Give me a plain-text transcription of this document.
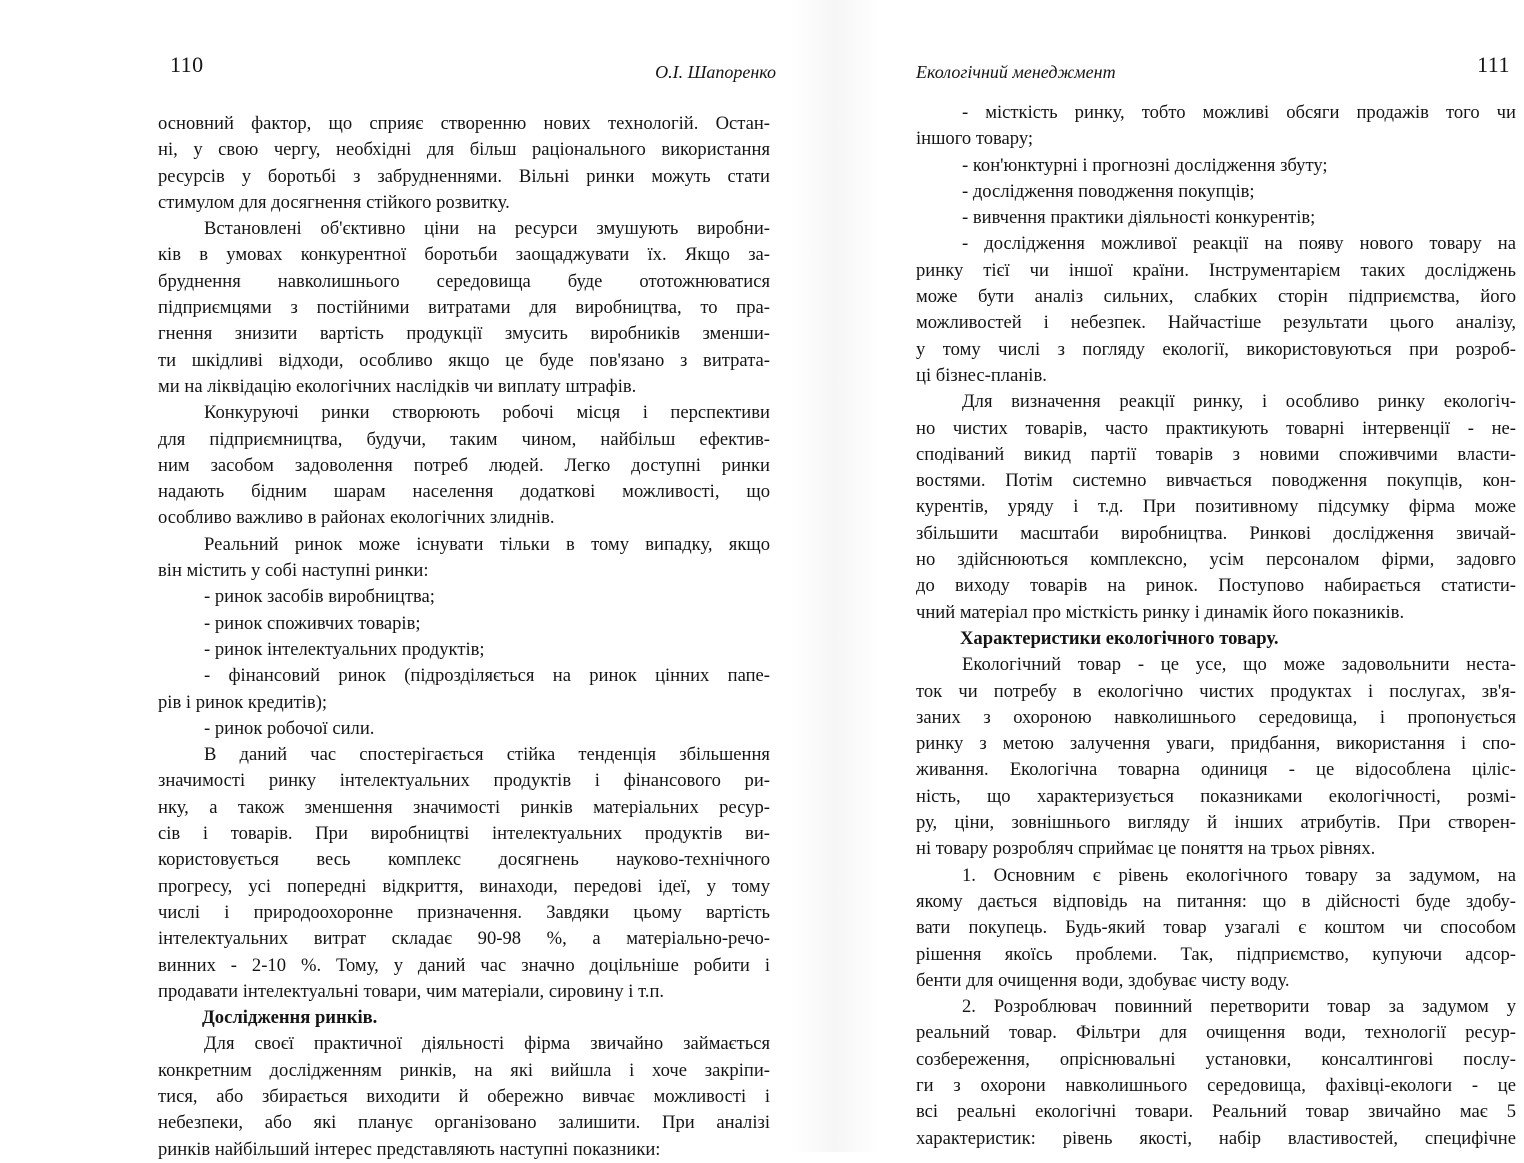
110	О.І. Шапоренко
основний фактор, що сприяє створенню нових технологій. Остан-
ні, у свою чергу, необхідні для більш раціонального використання
ресурсів у боротьбі з забрудненнями. Вільні ринки можуть стати
стимулом для досягнення стійкого розвитку.
Встановлені об'єктивно ціни на ресурси змушують виробни-
ків в умовах конкурентної боротьби заощаджувати їх. Якщо за-
бруднення навколишнього середовища буде ототожнюватися
підприємцями з постійними витратами для виробництва, то пра-
гнення знизити вартість продукції змусить виробників зменши-
ти шкідливі відходи, особливо якщо це буде пов'язано з витрата-
ми на ліквідацію екологічних наслідків чи виплату штрафів.
Конкуруючі ринки створюють робочі місця і перспективи
для підприємництва, будучи, таким чином, найбільш ефектив-
ним засобом задоволення потреб людей. Легко доступні ринки
надають бідним шарам населення додаткові можливості, що
особливо важливо в районах екологічних злиднів.
Реальний ринок може існувати тільки в тому випадку, якщо
він містить у собі наступні ринки:
- ринок засобів виробництва;
- ринок споживчих товарів;
- ринок інтелектуальних продуктів;
- фінансовий ринок (підрозділяється на ринок цінних папе-
рів і ринок кредитів);
- ринок робочої сили.
В даний час спостерігається стійка тенденція збільшення
значимості ринку інтелектуальних продуктів і фінансового ри-
нку, а також зменшення значимості ринків матеріальних ресур-
сів і товарів. При виробництві інтелектуальних продуктів ви-
користовується весь комплекс досягнень науково-технічного
прогресу, усі попередні відкриття, винаходи, передові ідеї, у тому
числі і природоохоронне призначення. Завдяки цьому вартість
інтелектуальних витрат складає 90-98 %, а матеріально-речо-
винних - 2-10 %. Тому, у даний час значно доцільніше робити і
продавати інтелектуальні товари, чим матеріали, сировину і т.п.
Дослідження ринків.
Для своєї практичної діяльності фірма звичайно займається
конкретним дослідженням ринків, на які вийшла і хоче закріпи-
тися, або збирається виходити й обережно вивчає можливості і
небезпеки, або які планує організовано залишити. При аналізі
ринків найбільший інтерес представляють наступні показники:
111
Екологічний менеджмент
- місткість ринку, тобто можливі обсяги продажів того чи
іншого товару;
- кон'юнктурні і прогнозні дослідження збуту;
- дослідження поводження покупців;
- вивчення практики діяльності конкурентів;
- дослідження можливої реакції на появу нового товару на
ринку тієї чи іншої країни. Інструментарієм таких досліджень
може бути аналіз сильних, слабких сторін підприємства, його
можливостей і небезпек. Найчастіше результати цього аналізу,
у тому числі з погляду екології, використовуються при розроб-
ці бізнес-планів.
Для визначення реакції ринку, і особливо ринку екологіч-
но чистих товарів, часто практикують товарні інтервенції - не-
сподіваний викид партії товарів з новими споживчими власти-
востями. Потім системно вивчається поводження покупців, кон-
курентів, уряду і т.д. При позитивному підсумку фірма може
збільшити масштаби виробництва. Ринкові дослідження звичай-
но здійснюються комплексно, усім персоналом фірми, задовго
до виходу товарів на ринок. Поступово набирається статисти-
чний матеріал про місткість ринку і динамік його показників.
Характеристики екологічного товару.
Екологічний товар - це усе, що може задовольнити неста-
ток чи потребу в екологічно чистих продуктах і послугах, зв'я-
заних з охороною навколишнього середовища, і пропонується
ринку з метою залучення уваги, придбання, використання і спо-
живання. Екологічна товарна одиниця - це відособлена ціліс-
ність, що характеризується показниками екологічності, розмі-
ру, ціни, зовнішнього вигляду й інших атрибутів. При створен-
ні товару розробляч сприймає це поняття на трьох рівнях.
1. Основним є рівень екологічного товару за задумом, на
якому дається відповідь на питання: що в дійсності буде здобу-
вати покупець. Будь-який товар узагалі є коштом чи способом
рішення якоїсь проблеми. Так, підприємство, купуючи адсор-
бенти для очищення води, здобуває чисту воду.
2. Розроблювач повинний перетворити товар за задумом у
реальний товар. Фільтри для очищення води, технології ресур-
созбереження, опріснювальні установки, консалтингові послу-
ги з охорони навколишнього середовища, фахівці-екологи - це
всі реальні екологічні товари. Реальний товар звичайно має 5
характеристик: рівень якості, набір властивостей, специфічне
